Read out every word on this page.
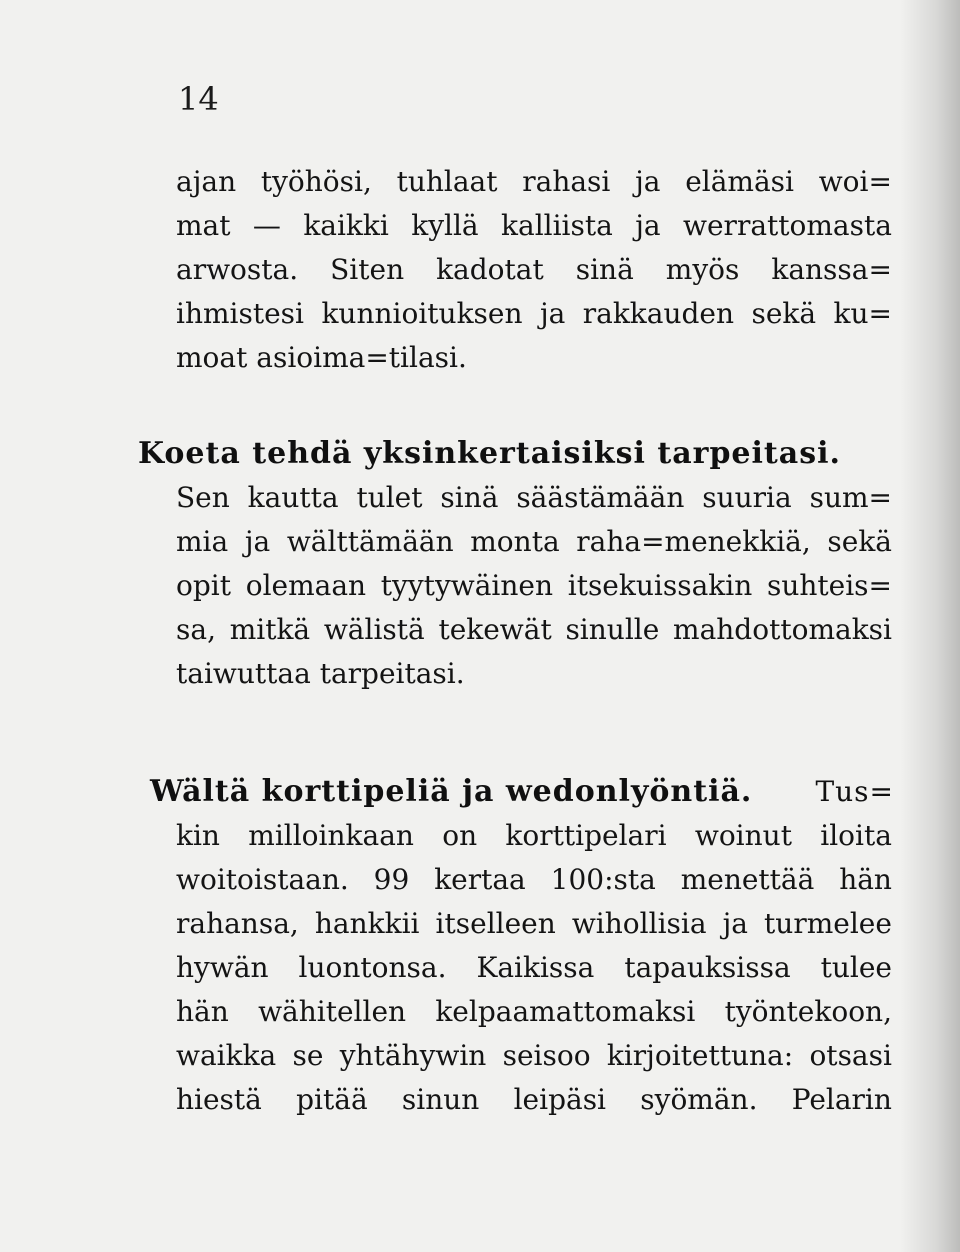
14
ajan työhösi, tuhlaat rahasi ja elämäsi woi=
mat — kaikki kyllä kalliista ja werrattomasta
arwosta. Siten kadotat sinä myös kanssa=
ihmistesi kunnioituksen ja rakkauden sekä ku=
moat asioima=tilasi.
Koeta tehdä yksinkertaisiksi tarpeitasi.
Sen kautta tulet sinä säästämään suuria sum=
mia ja wälttämään monta raha=menekkiä, sekä
opit olemaan tyytywäinen itsekuissakin suhteis=
sa, mitkä wälistä tekewät sinulle mahdottomaksi
taiwuttaa tarpeitasi.
Wältä korttipeliä ja wedonlyöntiä. Tus=
kin milloinkaan on korttipelari woinut iloita
woitoistaan. 99 kertaa 100:sta menettää hän
rahansa, hankkii itselleen wihollisia ja turmelee
hywän luontonsa. Kaikissa tapauksissa tulee
hän wähitellen kelpaamattomaksi työntekoon,
waikka se yhtähywin seisoo kirjoitettuna: otsasi
hiestä pitää sinun leipäsi syömän. Pelarin
